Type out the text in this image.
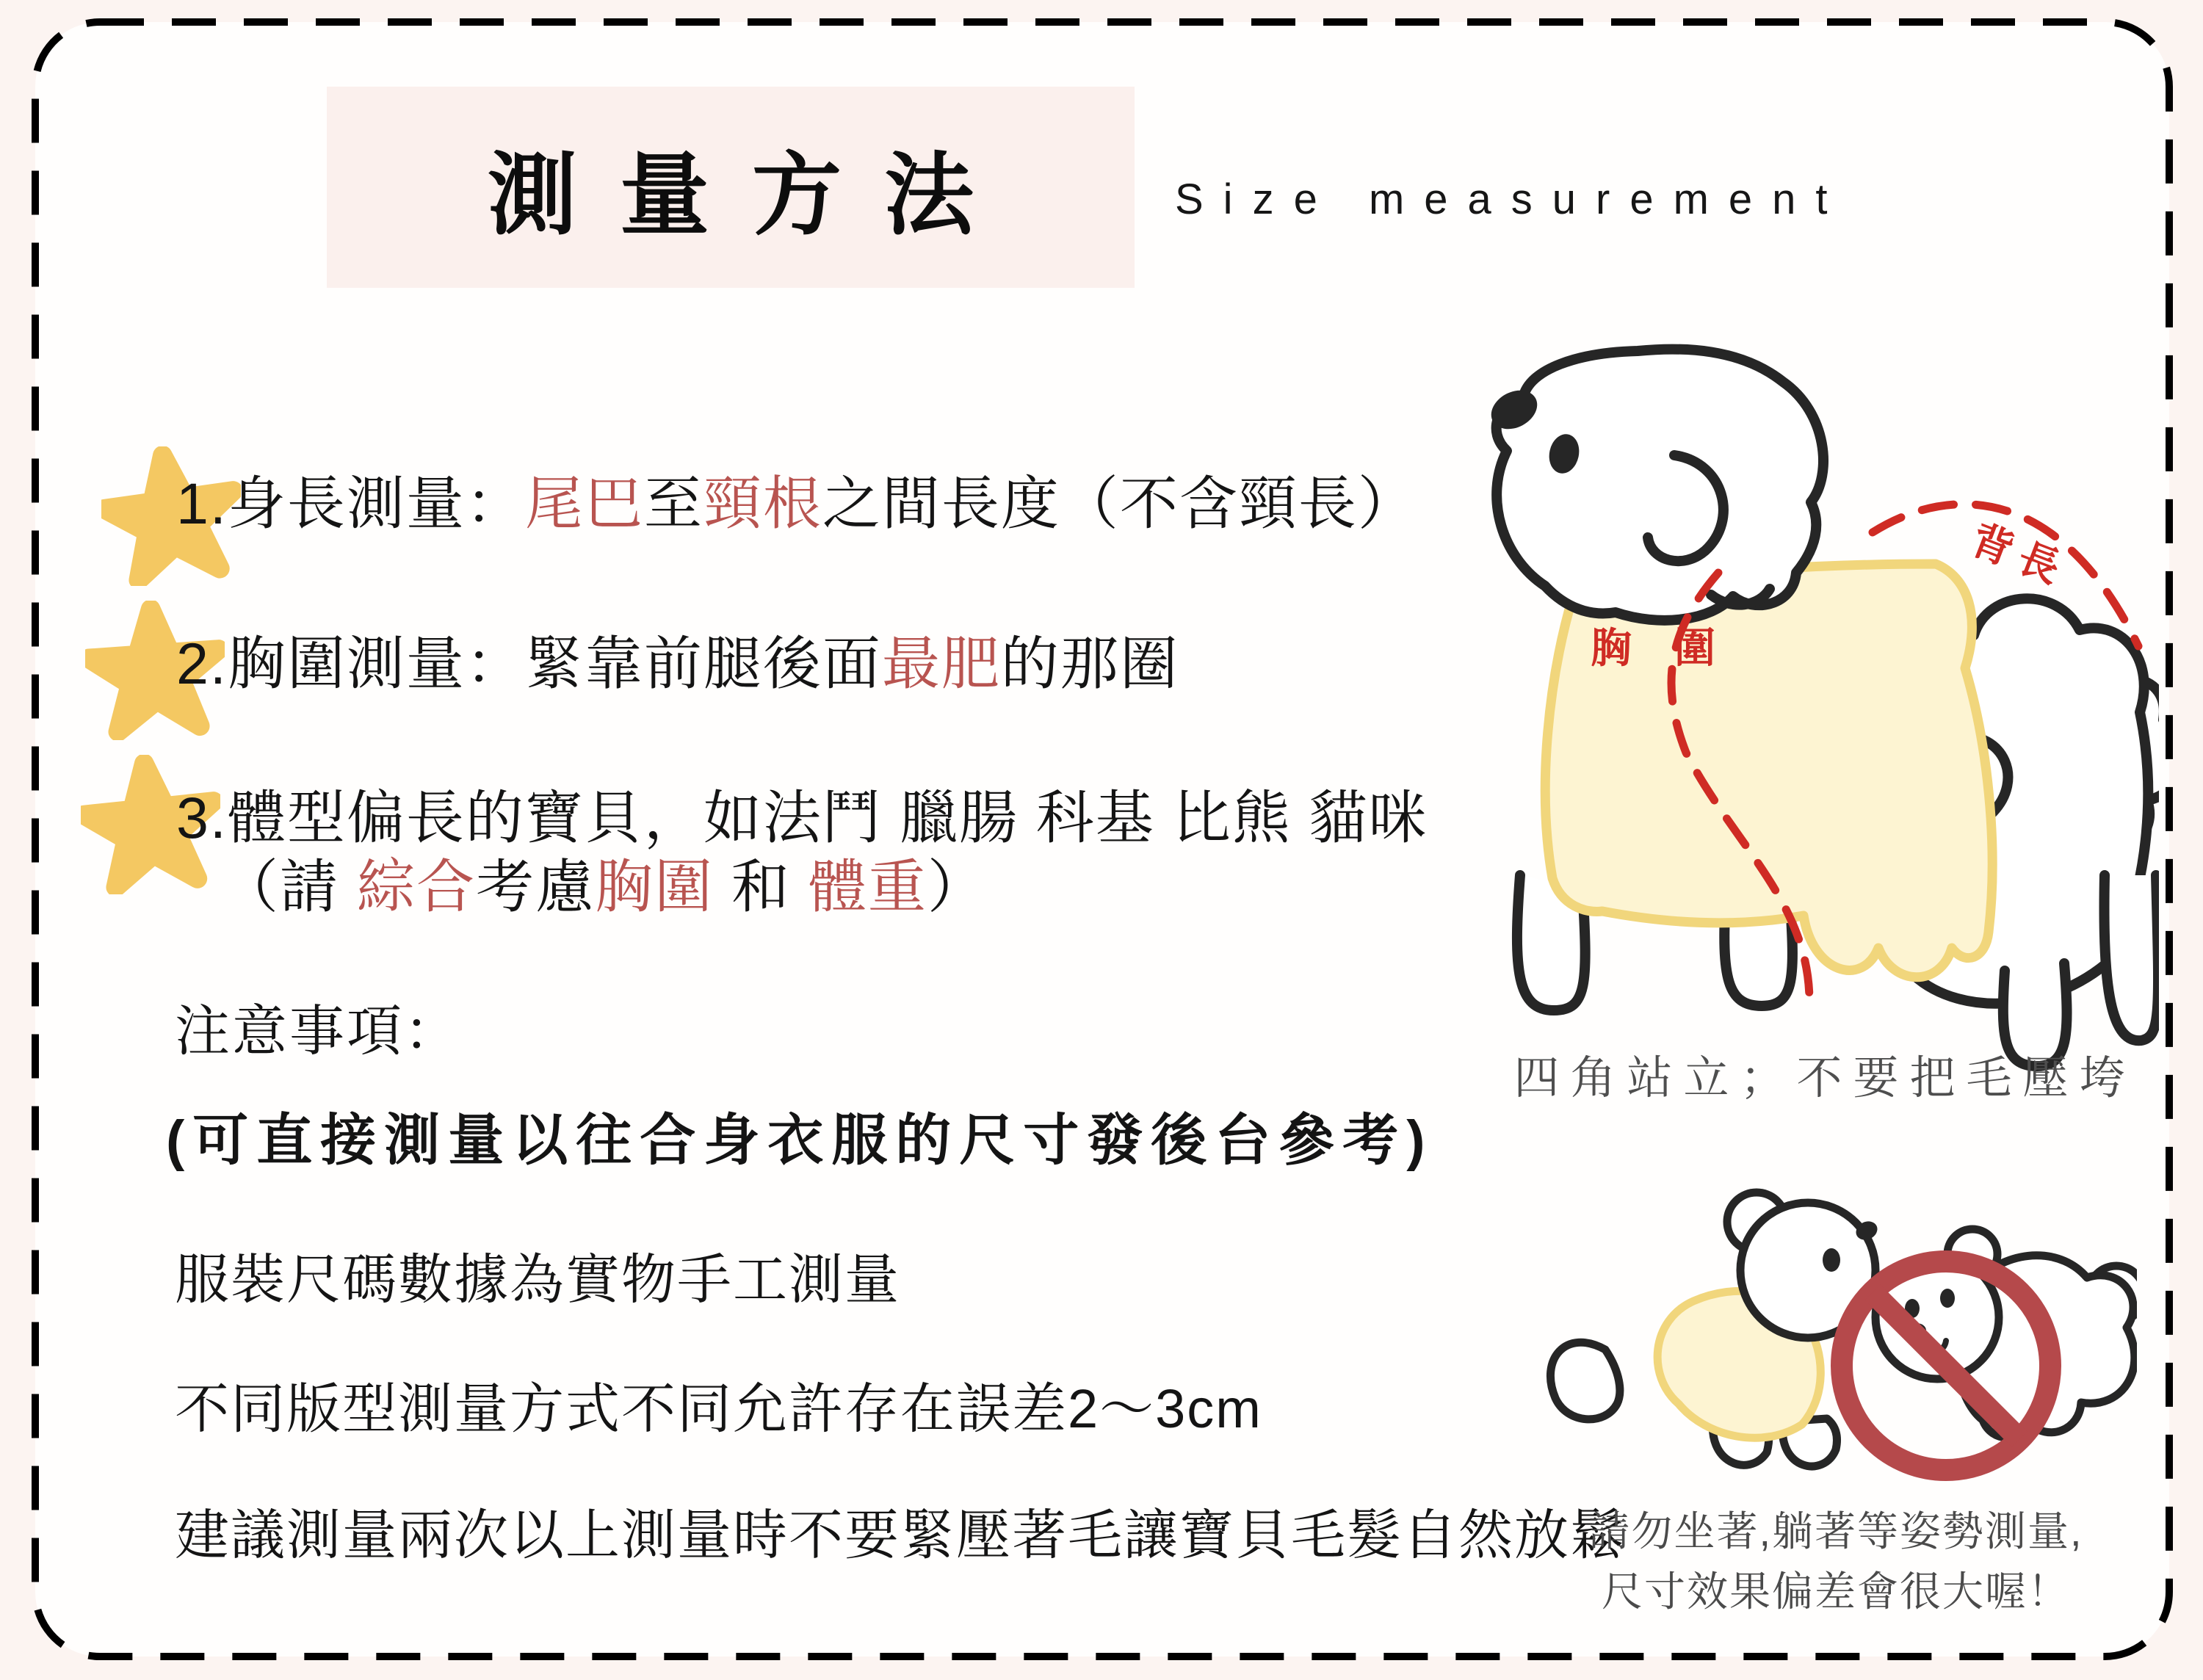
測量方法	Size measurement
1.身長測量：尾巴至頸根之間長度（不含頸長）
2.胸圍測量：緊靠前腿後面最肥的那圈
3.體型偏長的寶貝，如法鬥 臘腸 科基 比熊 貓咪
（請 綜合考慮胸圍 和 體重）
注意事項：
(可直接測量以往合身衣服的尺寸發後台參考)
服裝尺碼數據為實物手工測量
不同版型測量方式不同允許存在誤差2～3cm
建議測量兩次以上測量時不要緊壓著毛讓寶貝毛髮自然放鬆
背長
胸圍
四角站立；不要把毛壓垮
請勿坐著,躺著等姿勢測量,
尺寸效果偏差會很大喔！
